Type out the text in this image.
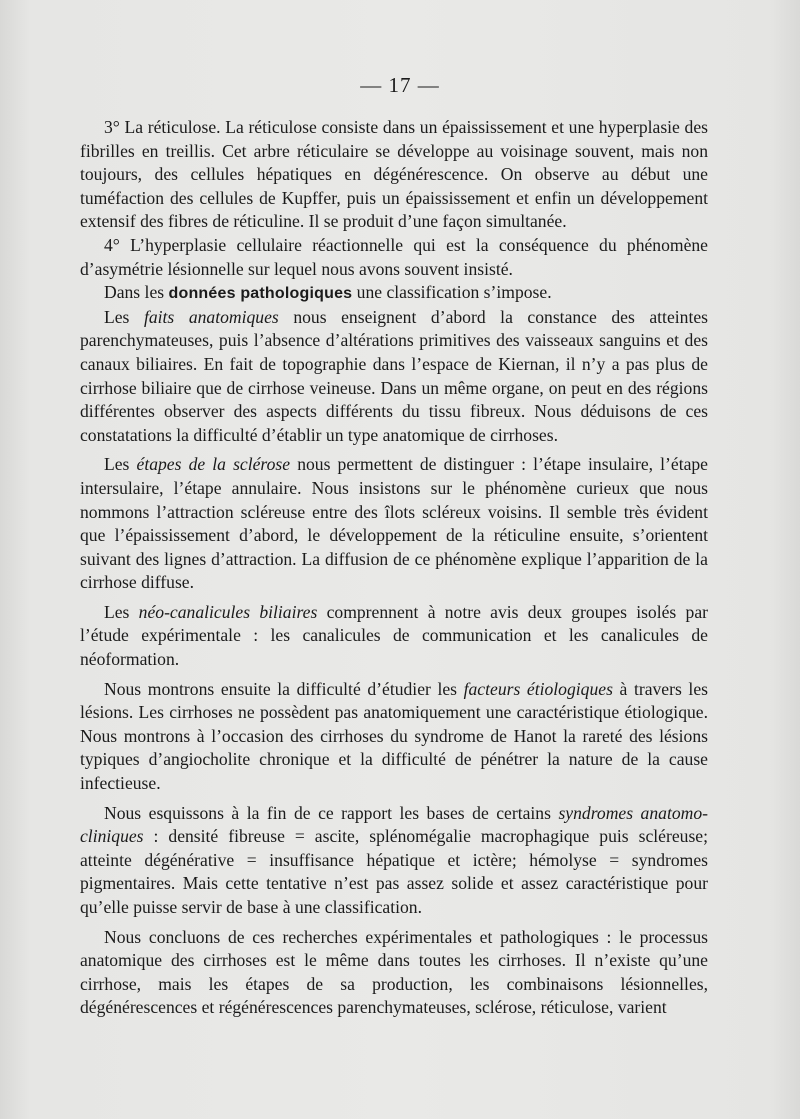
— 17 —

3° La réticulose. La réticulose consiste dans un épaississement et une hyperplasie des fibrilles en treillis. Cet arbre réticulaire se développe au voisinage souvent, mais non toujours, des cellules hépatiques en dégénérescence. On observe au début une tuméfaction des cellules de Kupffer, puis un épaississement et enfin un développement extensif des fibres de réticuline. Il se produit d’une façon simultanée.

4° L’hyperplasie cellulaire réactionnelle qui est la conséquence du phénomène d’asymétrie lésionnelle sur lequel nous avons souvent insisté.

Dans les données pathologiques une classification s’impose.

Les faits anatomiques nous enseignent d’abord la constance des atteintes parenchymateuses, puis l’absence d’altérations primitives des vaisseaux sanguins et des canaux biliaires. En fait de topographie dans l’espace de Kiernan, il n’y a pas plus de cirrhose biliaire que de cirrhose veineuse. Dans un même organe, on peut en des régions différentes observer des aspects différents du tissu fibreux. Nous déduisons de ces constatations la difficulté d’établir un type anatomique de cirrhoses.

Les étapes de la sclérose nous permettent de distinguer : l’étape insulaire, l’étape intersulaire, l’étape annulaire. Nous insistons sur le phénomène curieux que nous nommons l’attraction scléreuse entre des îlots scléreux voisins. Il semble très évident que l’épaississement d’abord, le développement de la réticuline ensuite, s’orientent suivant des lignes d’attraction. La diffusion de ce phénomène explique l’apparition de la cirrhose diffuse.

Les néo-canalicules biliaires comprennent à notre avis deux groupes isolés par l’étude expérimentale : les canalicules de communication et les canalicules de néoformation.

Nous montrons ensuite la difficulté d’étudier les facteurs étiologiques à travers les lésions. Les cirrhoses ne possèdent pas anatomiquement une caractéristique étiologique. Nous montrons à l’occasion des cirrhoses du syndrome de Hanot la rareté des lésions typiques d’angiocholite chronique et la difficulté de pénétrer la nature de la cause infectieuse.

Nous esquissons à la fin de ce rapport les bases de certains syndromes anatomo-cliniques : densité fibreuse = ascite, splénomégalie macrophagique puis scléreuse; atteinte dégénérative = insuffisance hépatique et ictère; hémolyse = syndromes pigmentaires. Mais cette tentative n’est pas assez solide et assez caractéristique pour qu’elle puisse servir de base à une classification.

Nous concluons de ces recherches expérimentales et pathologiques : le processus anatomique des cirrhoses est le même dans toutes les cirrhoses. Il n’existe qu’une cirrhose, mais les étapes de sa production, les combinaisons lésionnelles, dégénérescences et régénérescences parenchymateuses, sclérose, réticulose, varient
